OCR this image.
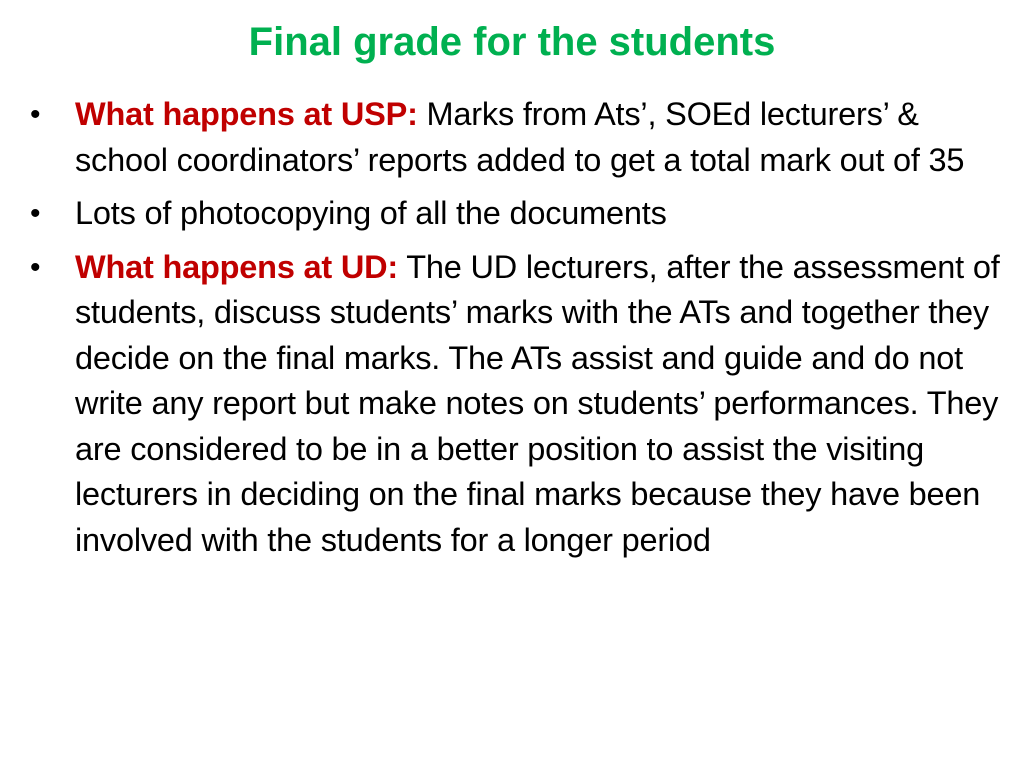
Final grade for the students
•	What happens at USP: Marks from Ats’, SOEd lecturers’ & school coordinators’ reports added to get a total mark out of 35
•	Lots of photocopying of all the documents
•	What happens at UD: The UD lecturers, after the assessment of students, discuss students’ marks with the ATs and together they decide on the final marks. The ATs assist and guide and do not write any report but make notes on students’ performances. They are considered to be in a better position to assist the visiting lecturers in deciding on the final marks because they have been involved with the students for a longer period
